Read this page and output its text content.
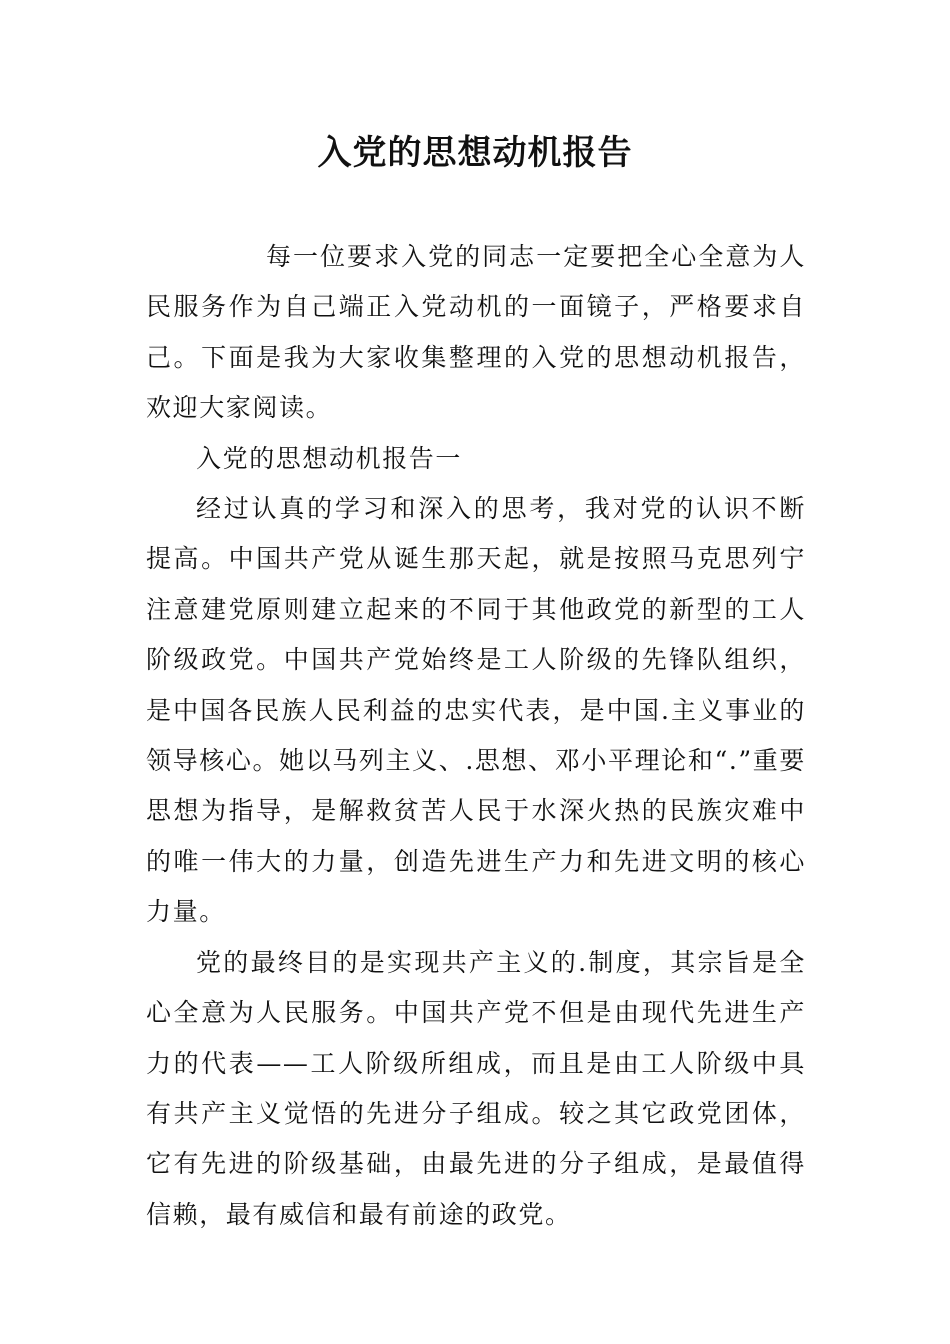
入党的思想动机报告

每一位要求入党的同志一定要把全心全意为人民服务作为自己端正入党动机的一面镜子，严格要求自己。下面是我为大家收集整理的入党的思想动机报告，欢迎大家阅读。

入党的思想动机报告一

经过认真的学习和深入的思考，我对党的认识不断提高。中国共产党从诞生那天起，就是按照马克思列宁注意建党原则建立起来的不同于其他政党的新型的工人阶级政党。中国共产党始终是工人阶级的先锋队组织，是中国各民族人民利益的忠实代表，是中国.主义事业的领导核心。她以马列主义、.思想、邓小平理论和“.”重要思想为指导，是解救贫苦人民于水深火热的民族灾难中的唯一伟大的力量，创造先进生产力和先进文明的核心力量。

党的最终目的是实现共产主义的.制度，其宗旨是全心全意为人民服务。中国共产党不但是由现代先进生产力的代表——工人阶级所组成，而且是由工人阶级中具有共产主义觉悟的先进分子组成。较之其它政党团体，它有先进的阶级基础，由最先进的分子组成，是最值得信赖，最有威信和最有前途的政党。
